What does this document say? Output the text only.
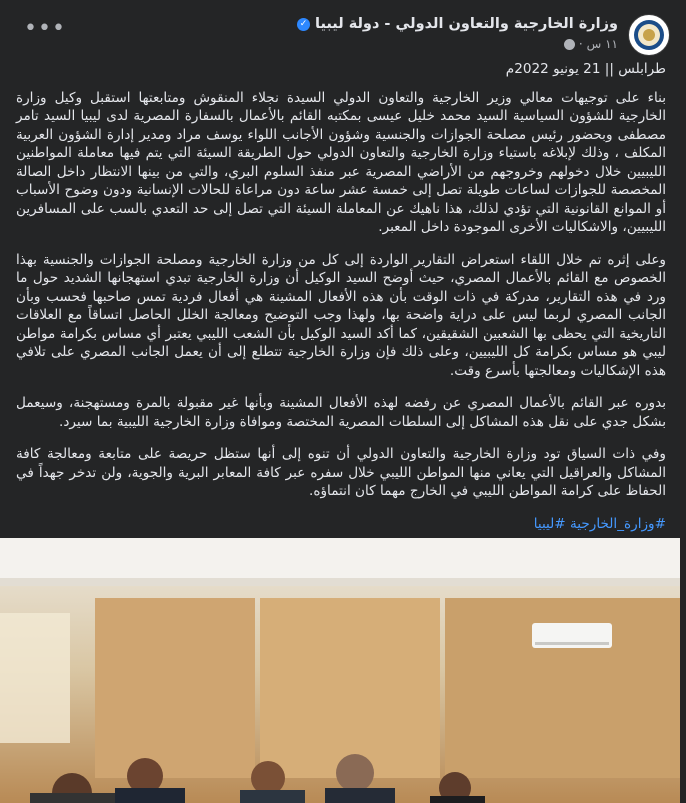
•••	وزارة الخارجية والتعاون الدولي - دولة ليبيا
✓
١١ س
·

طرابلس || 21 يونيو 2022م

بناء على توجيهات معالي وزير الخارجية والتعاون الدولي السيدة نجلاء المنقوش ومتابعتها استقبل وكيل وزارة الخارجية للشؤون السياسية السيد محمد خليل عيسى بمكتبه القائم بالأعمال بالسفارة المصرية لدى ليبيا السيد تامر مصطفى وبحضور رئيس مصلحة الجوازات والجنسية وشؤون الأجانب اللواء يوسف مراد ومدير إدارة الشؤون العربية المكلف ، وذلك لإبلاغه باستياء وزارة الخارجية والتعاون الدولي حول الطريقة السيئة التي يتم فيها معاملة المواطنين الليبيين خلال دخولهم وخروجهم من الأراضي المصرية عبر منفذ السلوم البري، والتي من بينها الانتظار داخل الصالة المخصصة للجوازات لساعات طويلة تصل إلى خمسة عشر ساعة دون مراعاة للحالات الإنسانية ودون وضوح الأسباب أو الموانع القانونية التي تؤدي لذلك، هذا ناهيك عن المعاملة السيئة التي تصل إلى حد التعدي بالسب على المسافرين الليبيين، والاشكاليات الأخرى الموجودة داخل المعبر.

وعلى إثره تم خلال اللقاء استعراض التقارير الواردة إلى كل من وزارة الخارجية ومصلحة الجوازات والجنسية بهذا الخصوص مع القائم بالأعمال المصري، حيث أوضح السيد الوكيل أن وزارة الخارجية تبدي استهجانها الشديد حول ما ورد في هذه التقارير، مدركة في ذات الوقت بأن هذه الأفعال المشينة هي أفعال فردية تمس صاحبها فحسب وبأن الجانب المصري لربما ليس على دراية واضحة بها، ولهذا وجب التوضيح ومعالجة الخلل الحاصل اتساقاً مع العلاقات التاريخية التي يحظى بها الشعبين الشقيقين، كما أكد السيد الوكيل بأن الشعب الليبي يعتبر أي مساس بكرامة مواطن ليبي هو مساس بكرامة كل الليبيين، وعلى ذلك فإن وزارة الخارجية تتطلع إلى أن يعمل الجانب المصري على تلافي هذه الإشكاليات ومعالجتها بأسرع وقت.

بدوره عبر القائم بالأعمال المصري عن رفضه لهذه الأفعال المشينة وبأنها غير مقبولة بالمرة ومستهجنة، وسيعمل بشكل جدي على نقل هذه المشاكل إلى السلطات المصرية المختصة وموافاة وزارة الخارجية الليبية بما سيرد.

وفي ذات السياق تود وزارة الخارجية والتعاون الدولي أن تنوه إلى أنها ستظل حريصة على متابعة ومعالجة كافة المشاكل والعراقيل التي يعاني منها المواطن الليبي خلال سفره عبر كافة المعابر البرية والجوية، ولن تدخر جهداً في الحفاظ على كرامة المواطن الليبي في الخارج مهما كان انتماؤه.

#وزارة_الخارجية #ليبيا
